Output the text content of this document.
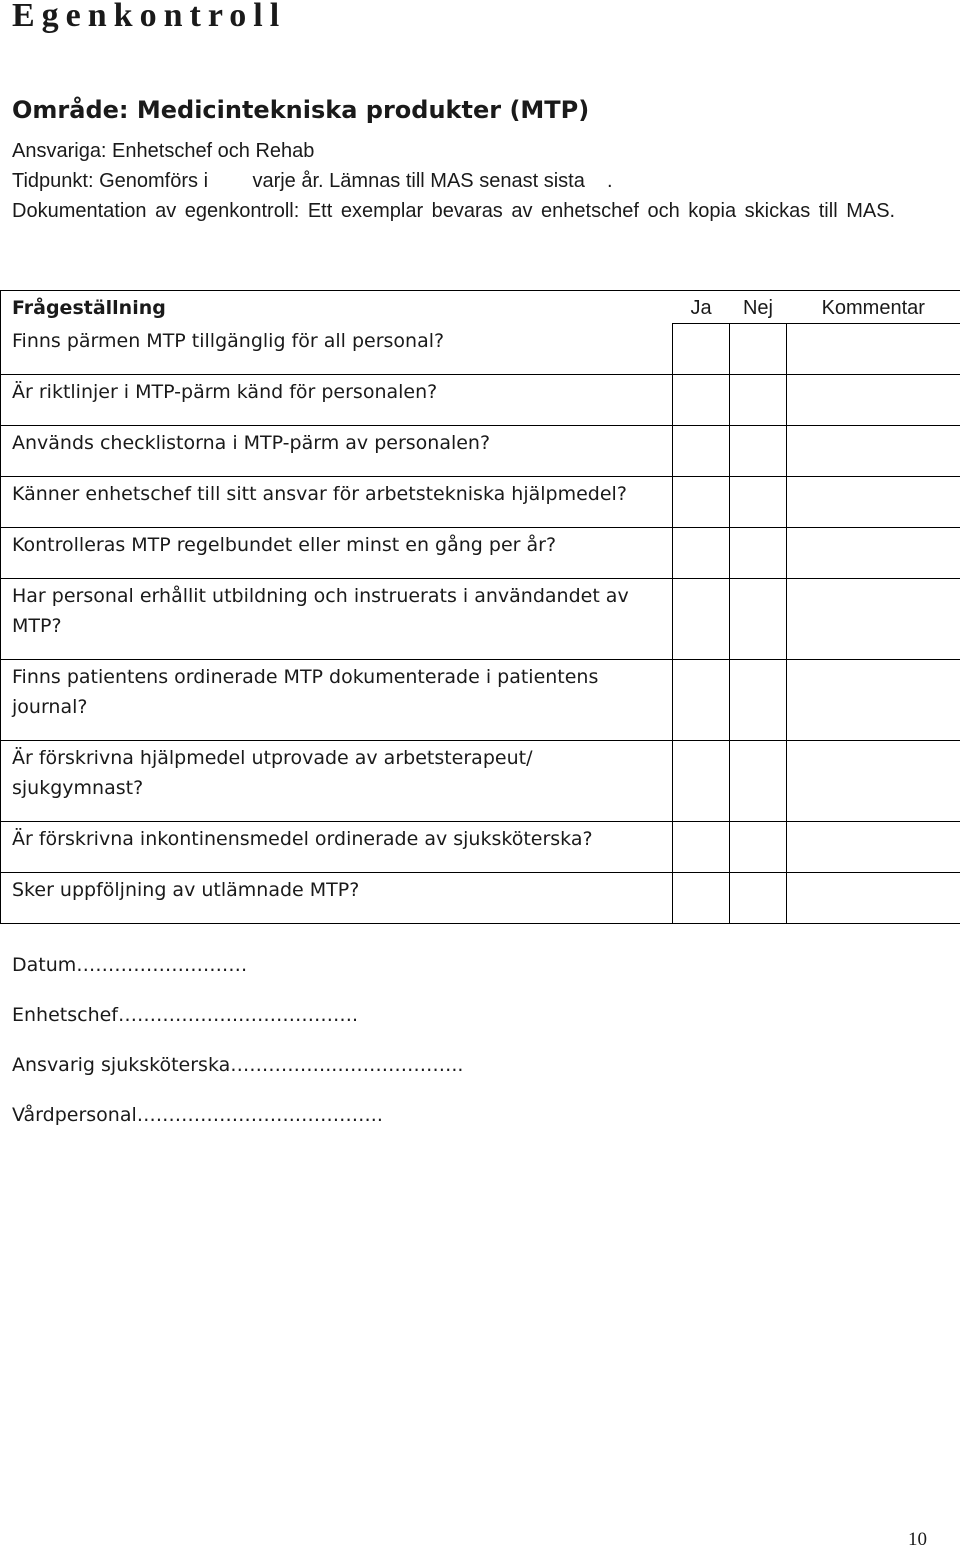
Egenkontroll
Område: Medicintekniska produkter (MTP)
Ansvariga: Enhetschef och Rehab
Tidpunkt: Genomförs i        varje år. Lämnas till MAS senast sista    .
Dokumentation av egenkontroll: Ett exemplar bevaras av enhetschef och kopia skickas till MAS.
Frågeställning	Ja	Nej	Kommentar
Finns pärmen MTP tillgänglig för all personal?			
Är riktlinjer i MTP-pärm känd för personalen?			
Används checklistorna i MTP-pärm av personalen?			
Känner enhetschef till sitt ansvar för arbetstekniska hjälpmedel?			
Kontrolleras MTP regelbundet eller minst en gång per år?			
Har personal erhållit utbildning och instruerats i användandet av MTP?			
Finns patientens ordinerade MTP dokumenterade i patientens journal?			
Är förskrivna hjälpmedel utprovade av arbetsterapeut/ sjukgymnast?			
Är förskrivna inkontinensmedel ordinerade av sjuksköterska?			
Sker uppföljning av utlämnade MTP?			
Datum………………………
Enhetschef……………….……………….
Ansvarig sjuksköterska……………..………………..
Vårdpersonal…………………….…………..
10
